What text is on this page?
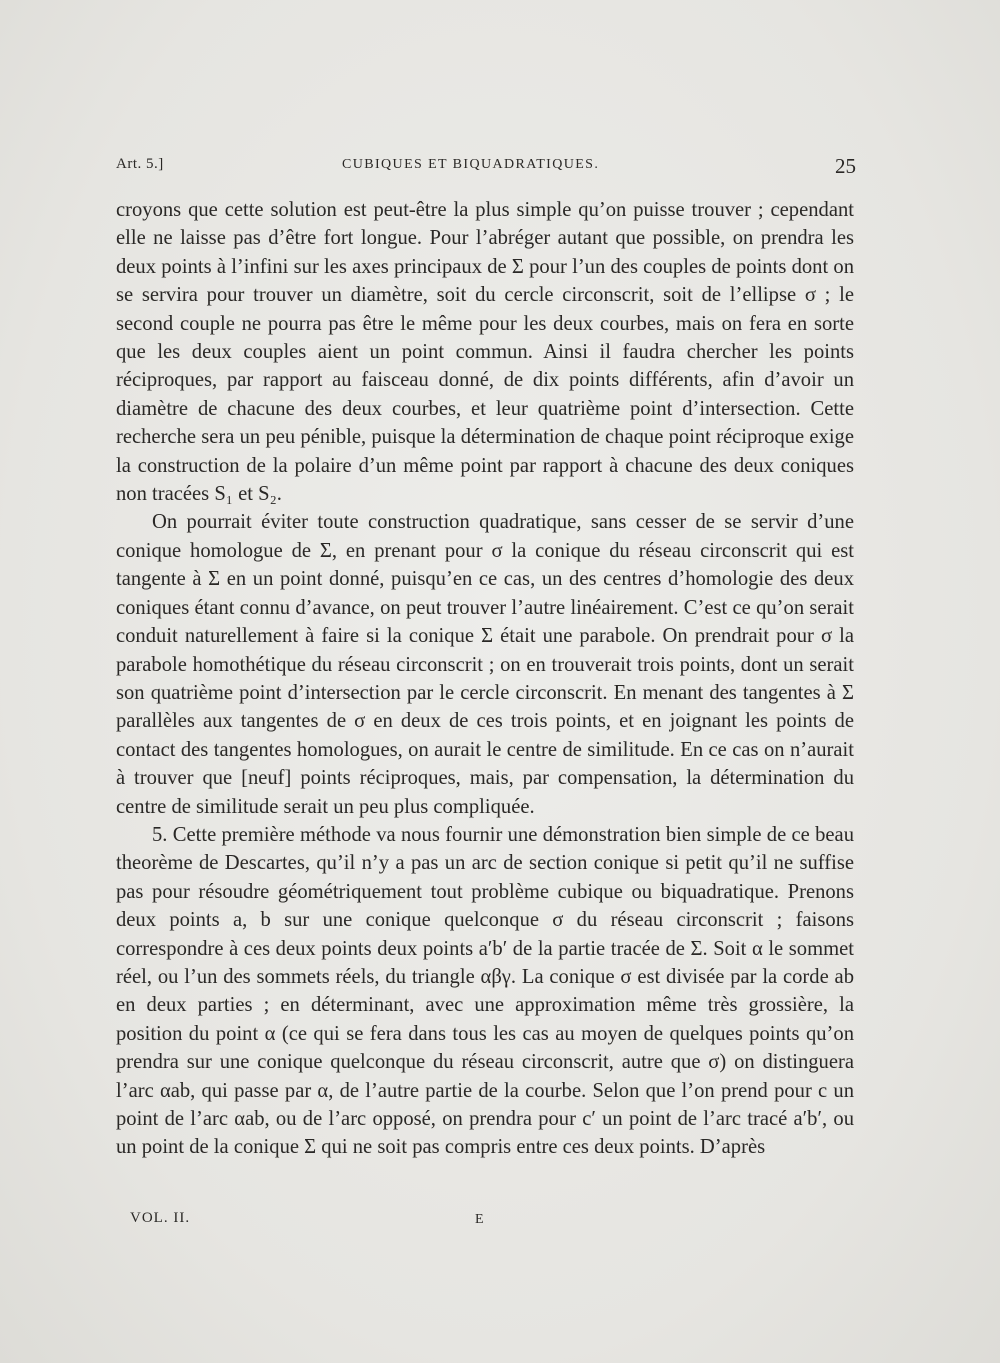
Art. 5.]	CUBIQUES ET BIQUADRATIQUES.	25

croyons que cette solution est peut-être la plus simple qu’on puisse trouver ; cependant elle ne laisse pas d’être fort longue. Pour l’abréger autant que possible, on prendra les deux points à l’infini sur les axes principaux de Σ pour l’un des couples de points dont on se servira pour trouver un diamètre, soit du cercle circonscrit, soit de l’ellipse σ ; le second couple ne pourra pas être le même pour les deux courbes, mais on fera en sorte que les deux couples aient un point commun. Ainsi il faudra chercher les points réciproques, par rapport au faisceau donné, de dix points différents, afin d’avoir un diamètre de chacune des deux courbes, et leur quatrième point d’intersection. Cette recherche sera un peu pénible, puisque la détermination de chaque point réciproque exige la construction de la polaire d’un même point par rapport à chacune des deux coniques non tracées S₁ et S₂.

On pourrait éviter toute construction quadratique, sans cesser de se servir d’une conique homologue de Σ, en prenant pour σ la conique du réseau circonscrit qui est tangente à Σ en un point donné, puisqu’en ce cas, un des centres d’homologie des deux coniques étant connu d’avance, on peut trouver l’autre linéairement. C’est ce qu’on serait conduit naturellement à faire si la conique Σ était une parabole. On prendrait pour σ la parabole homothétique du réseau circonscrit ; on en trouverait trois points, dont un serait son quatrième point d’intersection par le cercle circonscrit. En menant des tangentes à Σ parallèles aux tangentes de σ en deux de ces trois points, et en joignant les points de contact des tangentes homologues, on aurait le centre de similitude. En ce cas on n’aurait à trouver que [neuf] points réciproques, mais, par compensation, la détermination du centre de similitude serait un peu plus compliquée.

5. Cette première méthode va nous fournir une démonstration bien simple de ce beau theorème de Descartes, qu’il n’y a pas un arc de section conique si petit qu’il ne suffise pas pour résoudre géométriquement tout problème cubique ou biquadratique. Prenons deux points a, b sur une conique quelconque σ du réseau circonscrit ; faisons correspondre à ces deux points deux points a′b′ de la partie tracée de Σ. Soit α le sommet réel, ou l’un des sommets réels, du triangle αβγ. La conique σ est divisée par la corde ab en deux parties ; en déterminant, avec une approximation même très grossière, la position du point α (ce qui se fera dans tous les cas au moyen de quelques points qu’on prendra sur une conique quelconque du réseau circonscrit, autre que σ) on distinguera l’arc αab, qui passe par α, de l’autre partie de la courbe. Selon que l’on prend pour c un point de l’arc αab, ou de l’arc opposé, on prendra pour c′ un point de l’arc tracé a′b′, ou un point de la conique Σ qui ne soit pas compris entre ces deux points. D’après

VOL. II.	E
